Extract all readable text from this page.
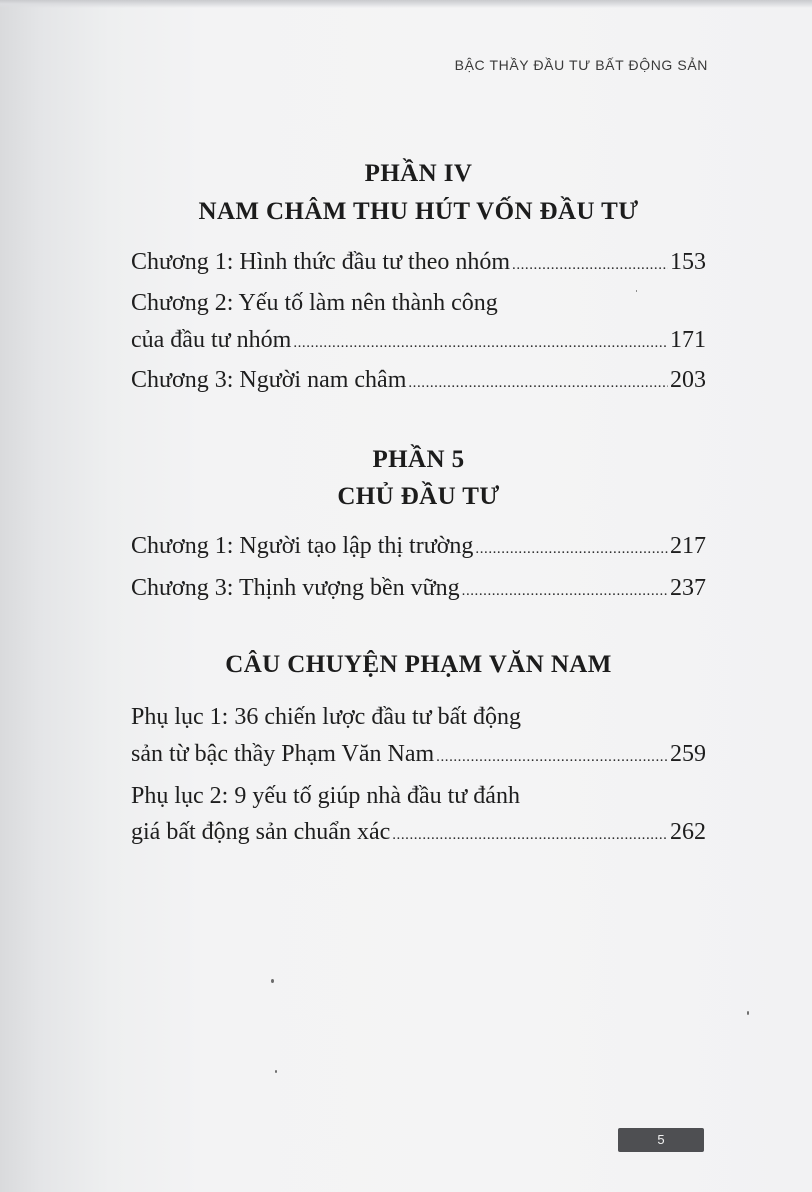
BẬC THẦY ĐẦU TƯ BẤT ĐỘNG SẢN
PHẦN IV
NAM CHÂM THU HÚT VỐN ĐẦU TƯ
Chương 1: Hình thức đầu tư theo nhóm . . .	153
Chương 2: Yếu tố làm nên thành công
của đầu tư nhóm . . .	171
Chương 3: Người nam châm . . .	203
PHẦN 5
CHỦ ĐẦU TƯ
Chương 1: Người tạo lập thị trường . . .	217
Chương 3: Thịnh vượng bền vững . . .	237
CÂU CHUYỆN PHẠM VĂN NAM
Phụ lục 1: 36 chiến lược đầu tư bất động
sản từ bậc thầy Phạm Văn Nam . . .	259
Phụ lục 2: 9 yếu tố giúp nhà đầu tư đánh
giá bất động sản chuẩn xác . . .	262
5
